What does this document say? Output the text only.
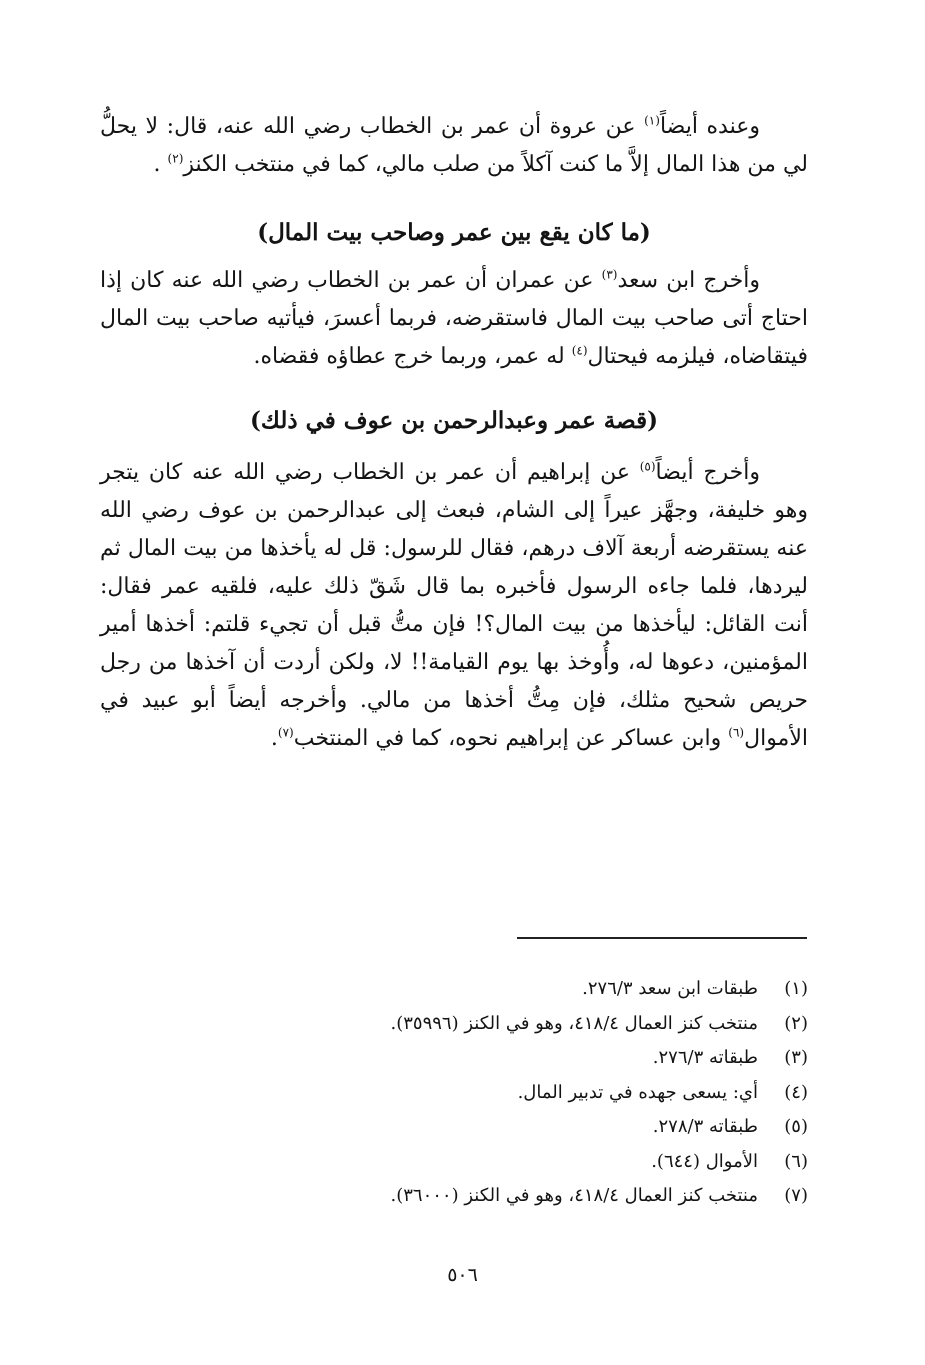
وعنده أيضاً$^{(١)}$ عن عروة أن عمر بن الخطاب رضي الله عنه، قال: لا يحلُّ لي من هذا المال إلاَّ ما كنت آكلاً من صلب مالي، كما في منتخب الكنز$^{(٢)}$ .

(ما كان يقع بين عمر وصاحب بيت المال)

وأخرج ابن سعد$^{(٣)}$ عن عمران أن عمر بن الخطاب رضي الله عنه كان إذا احتاج أتى صاحب بيت المال فاستقرضه، فربما أعسرَ، فيأتيه صاحب بيت المال فيتقاضاه، فيلزمه فيحتال$^{(٤)}$ له عمر، وربما خرج عطاؤه فقضاه.

(قصة عمر وعبدالرحمن بن عوف في ذلك)

وأخرج أيضاً$^{(٥)}$ عن إبراهيم أن عمر بن الخطاب رضي الله عنه كان يتجر وهو خليفة، وجهَّز عيراً إلى الشام، فبعث إلى عبدالرحمن بن عوف رضي الله عنه يستقرضه أربعة آلاف درهم، فقال للرسول: قل له يأخذها من بيت المال ثم ليردها، فلما جاءه الرسول فأخبره بما قال شَقّ ذلك عليه، فلقيه عمر فقال: أنت القائل: ليأخذها من بيت المال؟! فإن متُّ قبل أن تجيء قلتم: أخذها أمير المؤمنين، دعوها له، وأُوخذ بها يوم القيامة!! لا، ولكن أردت أن آخذها من رجل حريص شحيح مثلك، فإن مِتُّ أخذها من مالي. وأخرجه أيضاً أبو عبيد في الأموال$^{(٦)}$ وابن عساكر عن إبراهيم نحوه، كما في المنتخب$^{(٧)}$.

(١)
طبقات ابن سعد ٢٧٦/٣.
(٢)
منتخب كنز العمال ٤١٨/٤، وهو في الكنز (٣٥٩٩٦).
(٣)
طبقاته ٢٧٦/٣.
(٤)
أي: يسعى جهده في تدبير المال.
(٥)
طبقاته ٢٧٨/٣.
(٦)
الأموال (٦٤٤).
(٧)
منتخب كنز العمال ٤١٨/٤، وهو في الكنز (٣٦٠٠٠).
٥٠٦
